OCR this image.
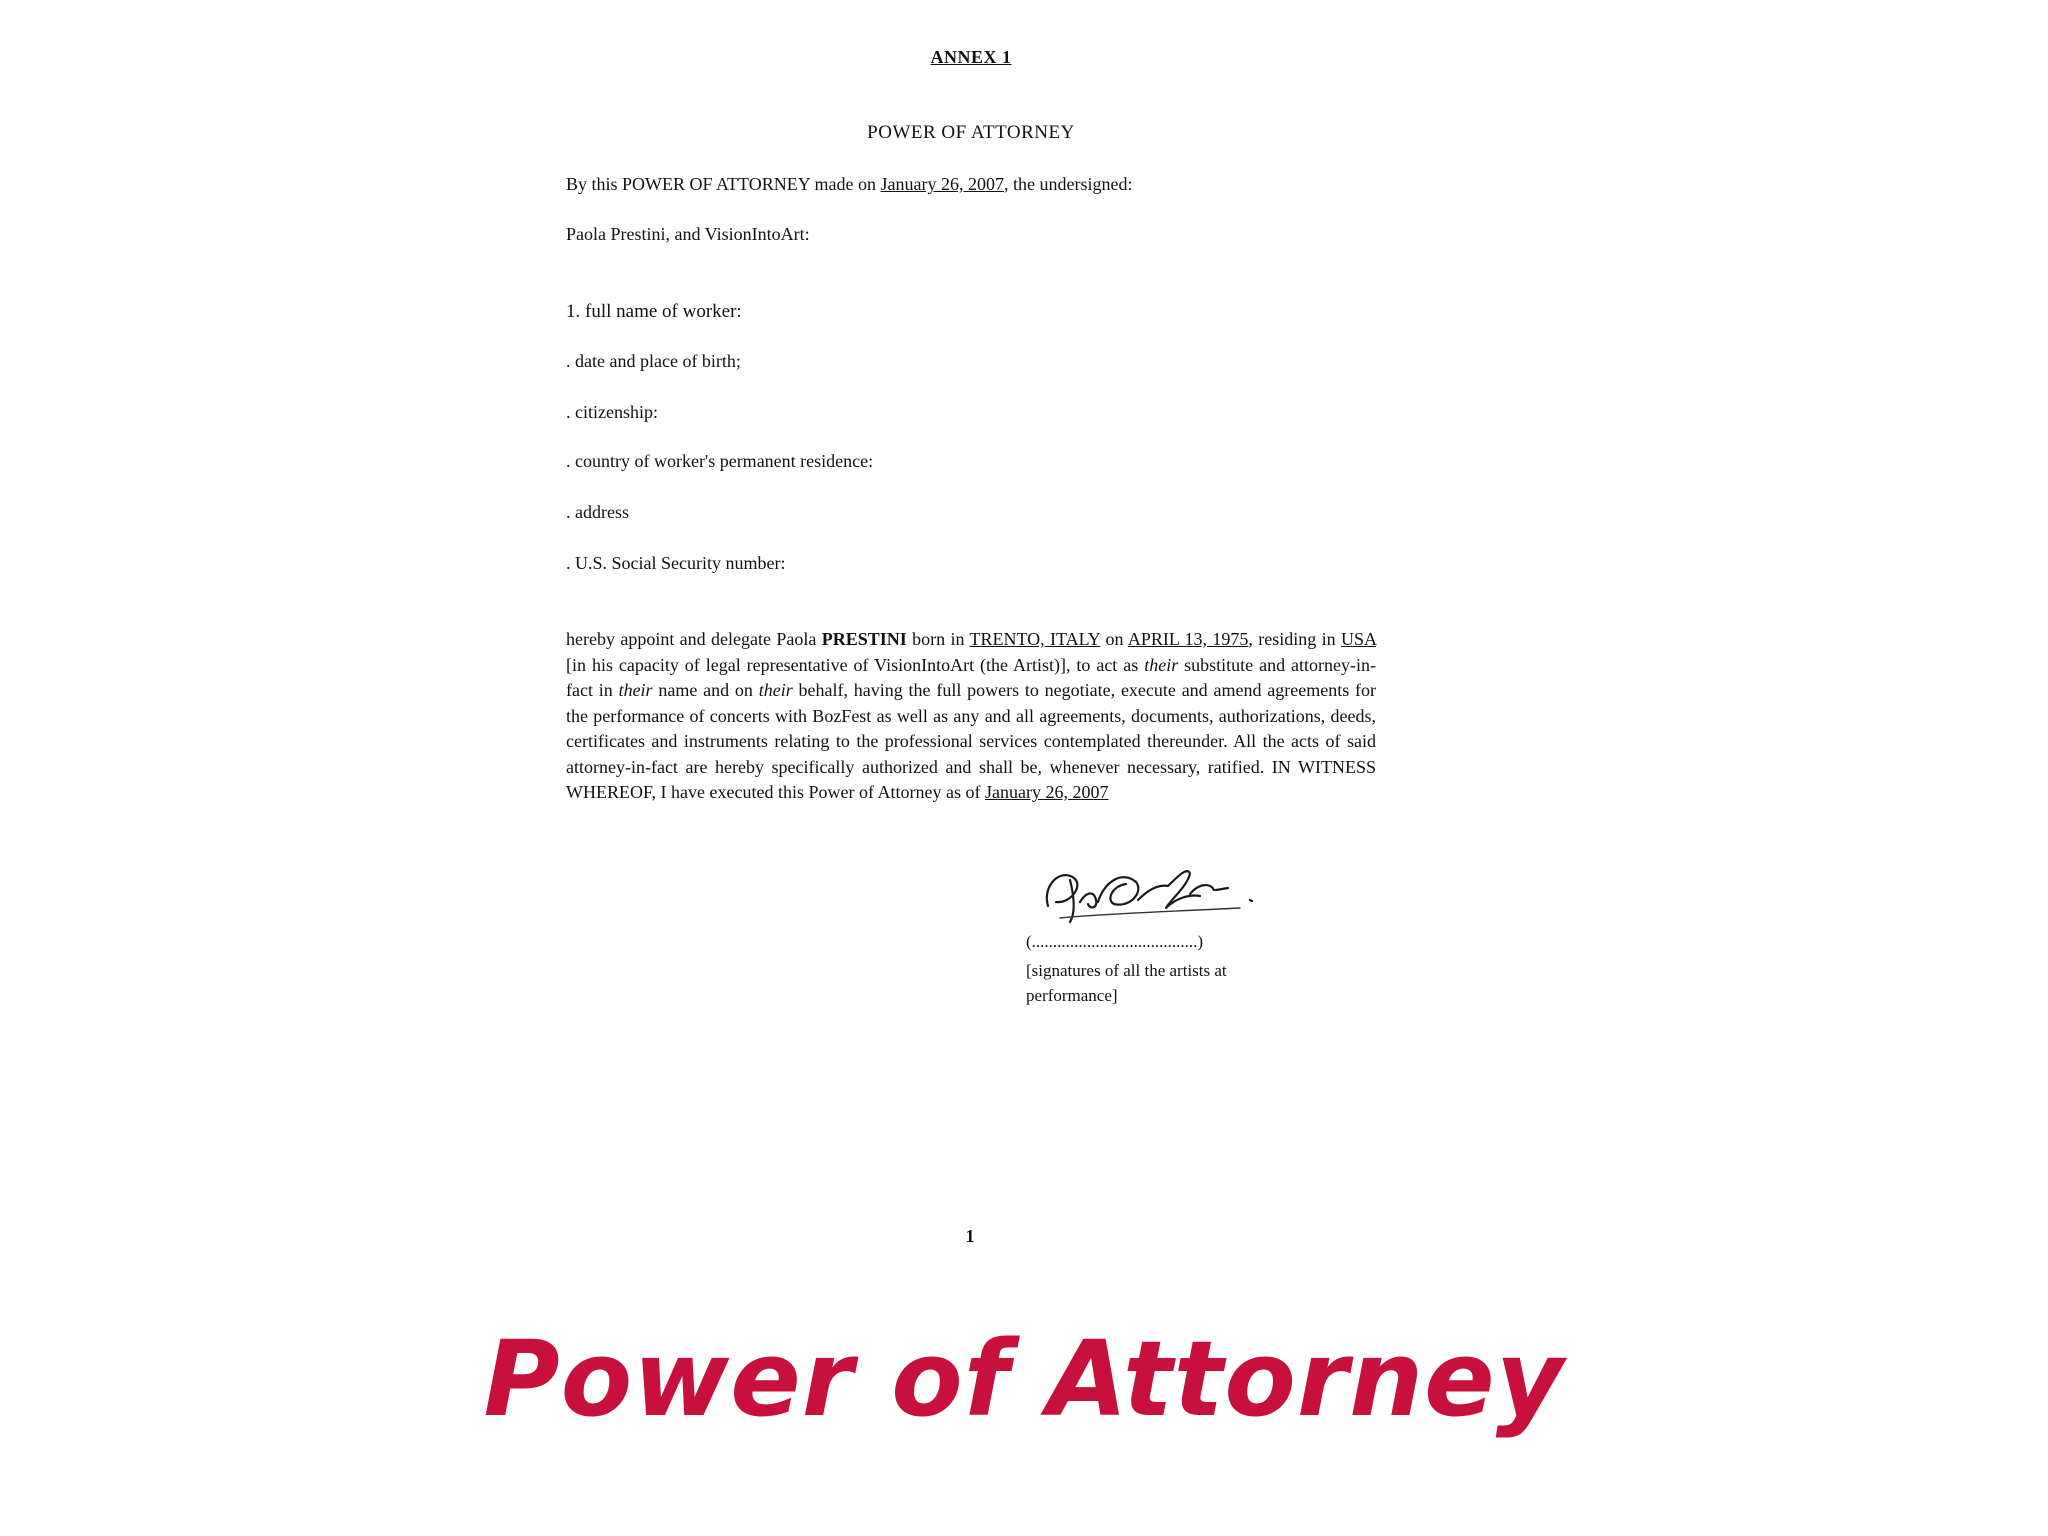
ANNEX 1
POWER OF ATTORNEY
By this POWER OF ATTORNEY made on January 26, 2007, the undersigned:
Paola Prestini, and VisionIntoArt:
1. full name of worker:
. date and place of birth;
. citizenship:
. country of worker's permanent residence:
. address
. U.S. Social Security number:
hereby appoint and delegate Paola PRESTINI born in TRENTO, ITALY on APRIL 13, 1975, residing in USA [in his capacity of legal representative of VisionIntoArt (the Artist)], to act as their substitute and attorney-in-fact in their name and on their behalf, having the full powers to negotiate, execute and amend agreements for the performance of concerts with BozFest as well as any and all agreements, documents, authorizations, deeds, certificates and instruments relating to the professional services contemplated thereunder. All the acts of said attorney-in-fact are hereby specifically authorized and shall be, whenever necessary, ratified. IN WITNESS WHEREOF, I have executed this Power of Attorney as of January 26, 2007
(.......................................)
[signatures of all the artists at performance]
1
Power of Attorney
